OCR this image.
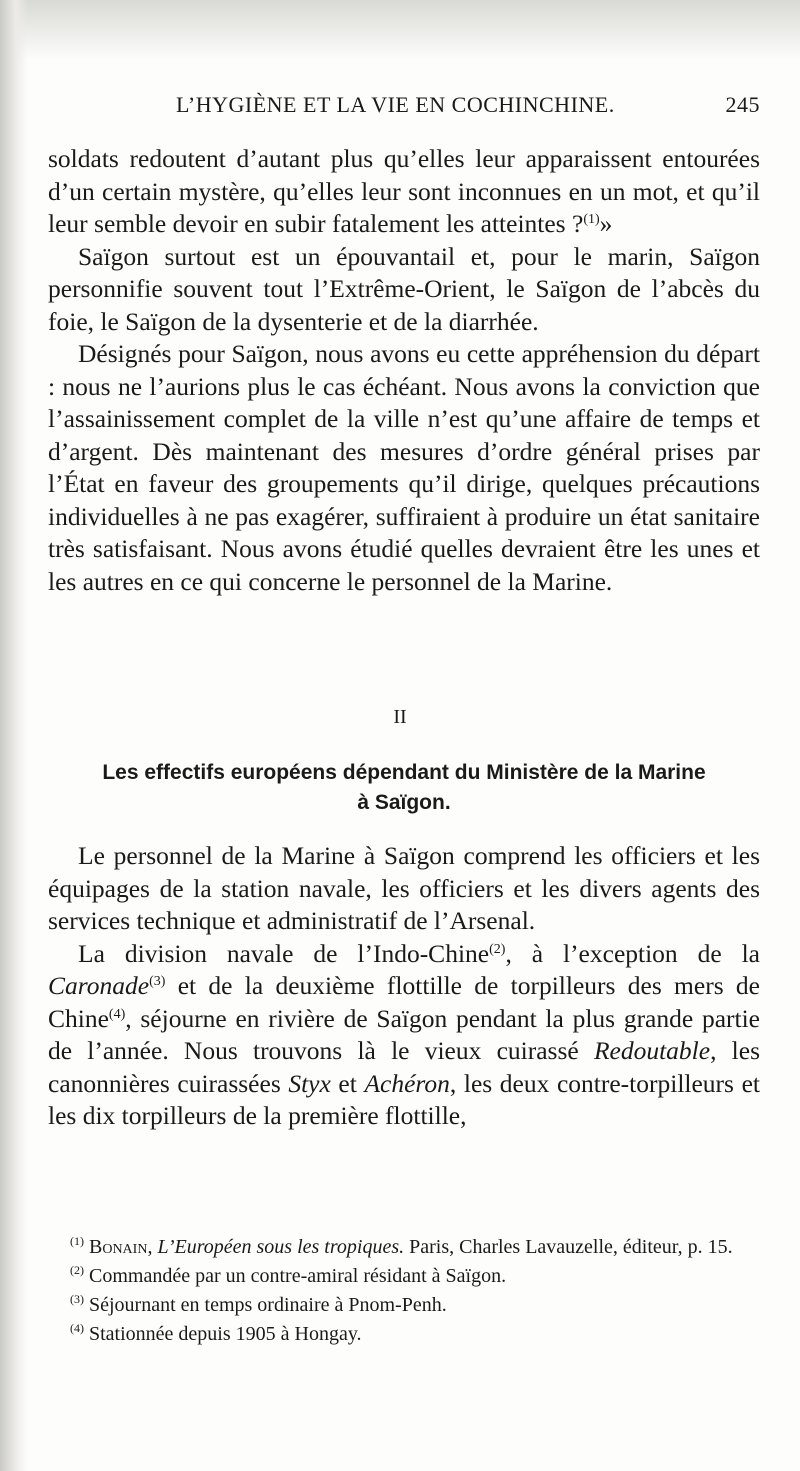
L’HYGIÈNE ET LA VIE EN COCHINCHINE.	245

soldats redoutent d’autant plus qu’elles leur apparaissent entourées d’un certain mystère, qu’elles leur sont inconnues en un mot, et qu’il leur semble devoir en subir fatalement les atteintes ?$^{(1)}$»

Saïgon surtout est un épouvantail et, pour le marin, Saïgon personnifie souvent tout l’Extrême-Orient, le Saïgon de l’abcès du foie, le Saïgon de la dysenterie et de la diarrhée.

Désignés pour Saïgon, nous avons eu cette appréhension du départ : nous ne l’aurions plus le cas échéant. Nous avons la conviction que l’assainissement complet de la ville n’est qu’une affaire de temps et d’argent. Dès maintenant des mesures d’ordre général prises par l’État en faveur des groupements qu’il dirige, quelques précautions individuelles à ne pas exagérer, suffiraient à produire un état sanitaire très satisfaisant. Nous avons étudié quelles devraient être les unes et les autres en ce qui concerne le personnel de la Marine.

II
Les effectifs européens dépendant du Ministère de la Marine
à Saïgon.

Le personnel de la Marine à Saïgon comprend les officiers et les équipages de la station navale, les officiers et les divers agents des services technique et administratif de l’Arsenal.

La division navale de l’Indo-Chine$^{(2)}$, à l’exception de la Caronade$^{(3)}$ et de la deuxième flottille de torpilleurs des mers de Chine$^{(4)}$, séjourne en rivière de Saïgon pendant la plus grande partie de l’année. Nous trouvons là le vieux cuirassé Redoutable, les canonnières cuirassées Styx et Achéron, les deux contre-torpilleurs et les dix torpilleurs de la première flottille,

$^{(1)}$ Bonain, L’Européen sous les tropiques. Paris, Charles Lavauzelle, éditeur, p. 15.

$^{(2)}$ Commandée par un contre-amiral résidant à Saïgon.

$^{(3)}$ Séjournant en temps ordinaire à Pnom-Penh.

$^{(4)}$ Stationnée depuis 1905 à Hongay.
